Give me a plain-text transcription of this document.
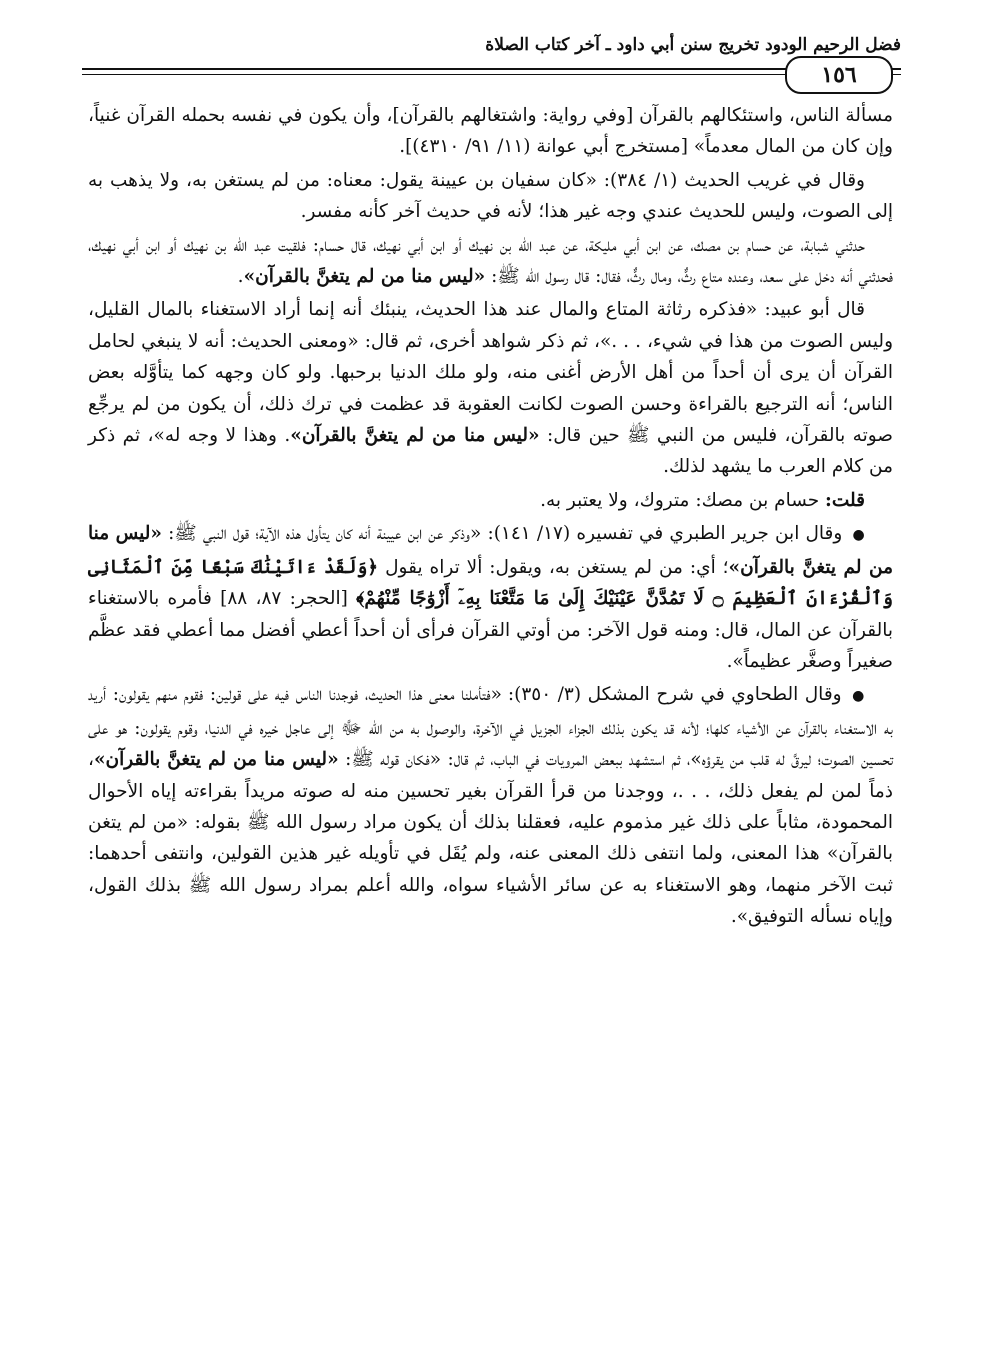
فضل الرحيم الودود تخريج سنن أبي داود ـ آخر كتاب الصلاة
١٥٦

مسألة الناس، واستئكالهم بالقرآن [وفي رواية: واشتغالهم بالقرآن]، وأن يكون في نفسه بحمله القرآن غنياً، وإن كان من المال معدماً» [مستخرج أبي عوانة (١١/ ٩١/ ٤٣١٠)].

وقال في غريب الحديث (١/ ٣٨٤): «كان سفيان بن عيينة يقول: معناه: من لم يستغن به، ولا يذهب به إلى الصوت، وليس للحديث عندي وجه غير هذا؛ لأنه في حديث آخر كأنه مفسر.

حدثني شبابة، عن حسام بن مصك، عن ابن أبي مليكة، عن عبد الله بن نهيك أو ابن أبي نهيك، قال حسام: فلقيت عبد الله بن نهيك أو ابن أبي نهيك، فحدثني أنه دخل على سعد، وعنده متاع رثٌّ، ومال رثٌّ، فقال: قال رسول الله ﷺ: «ليس منا من لم يتغنَّ بالقرآن».

قال أبو عبيد: «فذكره رثاثة المتاع والمال عند هذا الحديث، ينبئك أنه إنما أراد الاستغناء بالمال القليل، وليس الصوت من هذا في شيء، . . .»، ثم ذكر شواهد أخرى، ثم قال: «ومعنى الحديث: أنه لا ينبغي لحامل القرآن أن يرى أن أحداً من أهل الأرض أغنى منه، ولو ملك الدنيا برحبها. ولو كان وجهه كما يتأوَّله بعض الناس؛ أنه الترجيع بالقراءة وحسن الصوت لكانت العقوبة قد عظمت في ترك ذلك، أن يكون من لم يرجِّع صوته بالقرآن، فليس من النبي ﷺ حين قال: «ليس منا من لم يتغنَّ بالقرآن». وهذا لا وجه له»، ثم ذكر من كلام العرب ما يشهد لذلك.

قلت: حسام بن مصك: متروك، ولا يعتبر به.

● وقال ابن جرير الطبري في تفسيره (١٧/ ١٤١): «وذكر عن ابن عيينة أنه كان يتأول هذه الآية؛ قول النبي ﷺ: «ليس منا من لم يتغنَّ بالقرآن»؛ أي: من لم يستغن به، ويقول: ألا تراه يقول ﴿وَلَقَدْ ءَاتَيْنَٰكَ سَبْعًا مِّنَ ٱلْمَثَانِى وَٱلْقُرْءَانَ ٱلْعَظِيمَ ۝ لَا تَمُدَّنَّ عَيْنَيْكَ إِلَىٰ مَا مَتَّعْنَا بِهِۦٓ أَزْوَٰجًا مِّنْهُمْ﴾ [الحجر: ٨٧، ٨٨] فأمره بالاستغناء بالقرآن عن المال، قال: ومنه قول الآخر: من أوتي القرآن فرأى أن أحداً أعطي أفضل مما أعطي فقد عظَّم صغيراً وصغَّر عظيماً».

● وقال الطحاوي في شرح المشكل (٣/ ٣٥٠): «فتأملنا معنى هذا الحديث، فوجدنا الناس فيه على قولين: فقوم منهم يقولون: أريد به الاستغناء بالقرآن عن الأشياء كلها؛ لأنه قد يكون بذلك الجزاء الجزيل في الآخرة، والوصول به من الله ﷻ إلى عاجل خيره في الدنيا، وقوم يقولون: هو على تحسين الصوت؛ ليرقَّ له قلب من يقرؤه»، ثم استشهد ببعض المرويات في الباب، ثم قال: «فكان قوله ﷺ: «ليس منا من لم يتغنَّ بالقرآن»، ذماً لمن لم يفعل ذلك، . . .، ووجدنا من قرأ القرآن بغير تحسين منه له صوته مريداً بقراءته إياه الأحوال المحمودة، مثاباً على ذلك غير مذموم عليه، فعقلنا بذلك أن يكون مراد رسول الله ﷺ بقوله: «من لم يتغن بالقرآن» هذا المعنى، ولما انتفى ذلك المعنى عنه، ولم يُقَل في تأويله غير هذين القولين، وانتفى أحدهما: ثبت الآخر منهما، وهو الاستغناء به عن سائر الأشياء سواه، والله أعلم بمراد رسول الله ﷺ بذلك القول، وإياه نسأله التوفيق».
